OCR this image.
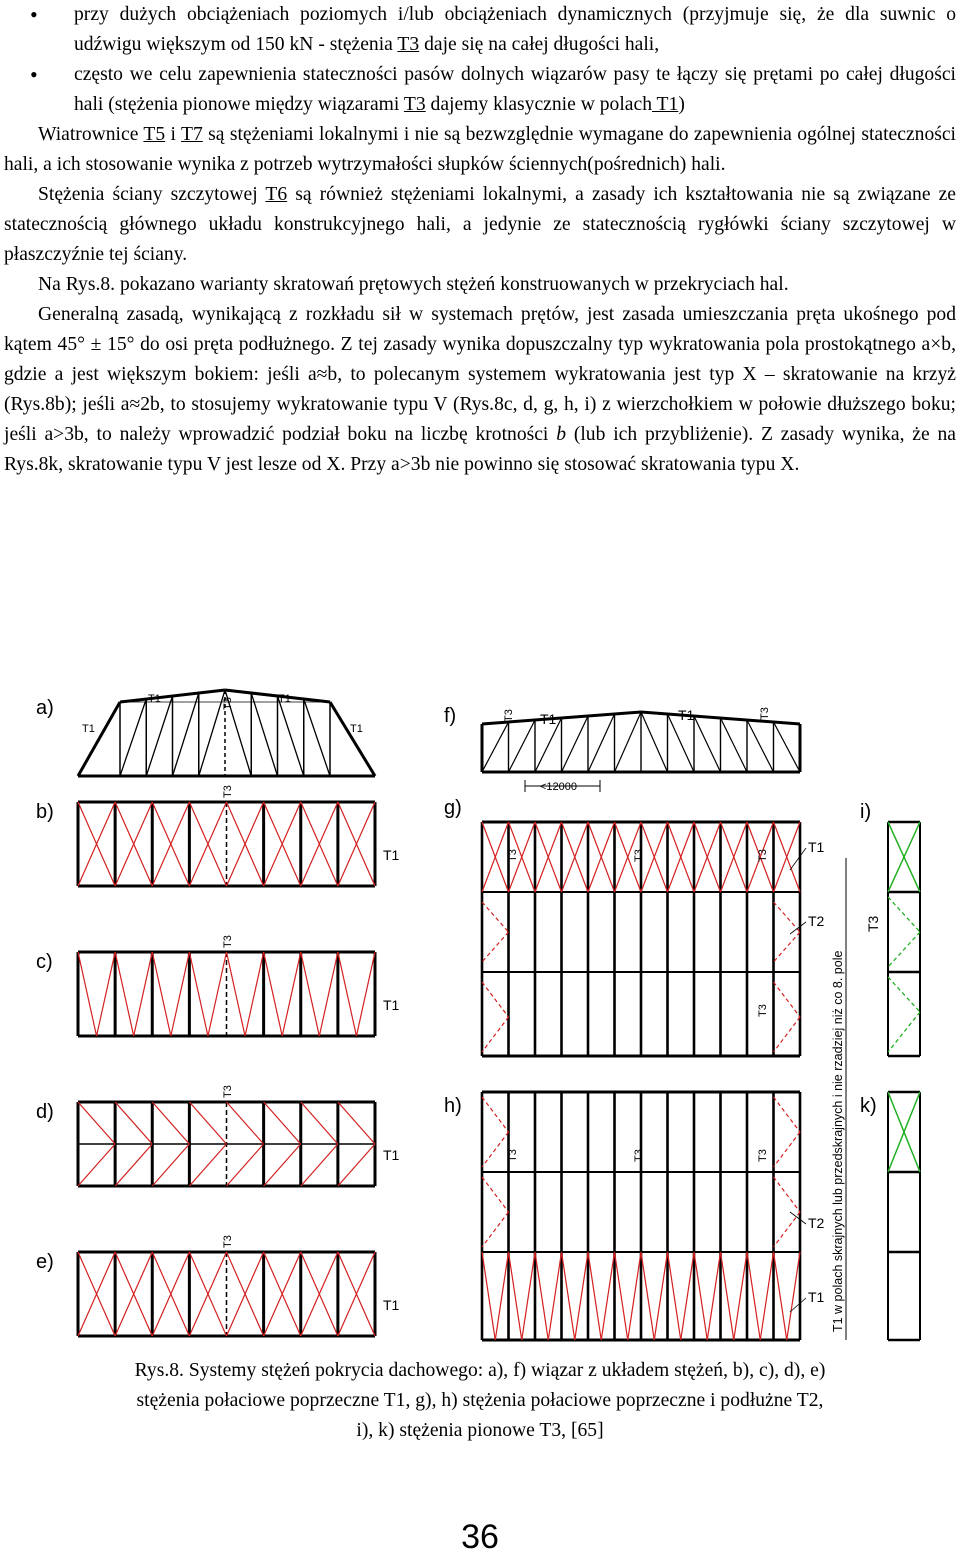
• przy dużych obciążeniach poziomych i/lub obciążeniach dynamicznych (przyjmuje się, że dla suwnic o udźwigu większym od 150 kN - stężenia T3 daje się na całej długości hali,
• często we celu zapewnienia stateczności pasów dolnych wiązarów pasy te łączy się prętami po całej długości hali (stężenia pionowe między wiązarami T3 dajemy klasycznie w polach T1)
Wiatrownice T5 i T7 są stężeniami lokalnymi i nie są bezwzględnie wymagane do zapewnienia ogólnej stateczności hali, a ich stosowanie wynika z potrzeb wytrzymałości słupków ściennych(pośrednich) hali.
Stężenia ściany szczytowej T6 są również stężeniami lokalnymi, a zasady ich kształtowania nie są związane ze statecznością głównego układu konstrukcyjnego hali, a jedynie ze statecznością rygłówki ściany szczytowej w płaszczyźnie tej ściany.
Na Rys.8. pokazano warianty skratowań prętowych stężeń konstruowanych w przekryciach hal.
Generalną zasadą, wynikającą z rozkładu sił w systemach prętów, jest zasada umieszczania pręta ukośnego pod kątem 45° ± 15° do osi pręta podłużnego. Z tej zasady wynika dopuszczalny typ wykratowania pola prostokątnego a×b, gdzie a jest większym bokiem: jeśli a≈b, to polecanym systemem wykratowania jest typ X – skratowanie na krzyż (Rys.8b); jeśli a≈2b, to stosujemy wykratowanie typu V (Rys.8c, d, g, h, i) z wierzchołkiem w połowie dłuższego boku; jeśli a>3b, to należy wprowadzić podział boku na liczbę krotności b (lub ich przybliżenie). Z zasady wynika, że na Rys.8k, skratowanie typu V jest lesze od X. Przy a>3b nie powinno się stosować skratowania typu X.
T1	T1
T1	T1
T3
T3
T1
T3
T1
T3
T1
T3
T1
<12000
T3 T1	T3
T1
T3	T3	T3
T3
T1
T2
T3	T3	T3
T2
T1 T1 w polach skrajnych lub przedskrajnych i nie rzadziej niż co 8. pole
T3
a)
b)
c)
d)
e)
f)
g)
h)
i)
k)
Rys.8. Systemy stężeń pokrycia dachowego: a), f) wiązar z układem stężeń, b), c), d), e)
stężenia połaciowe poprzeczne T1, g), h) stężenia połaciowe poprzeczne i podłużne T2,
i), k) stężenia pionowe T3, [65]
36
